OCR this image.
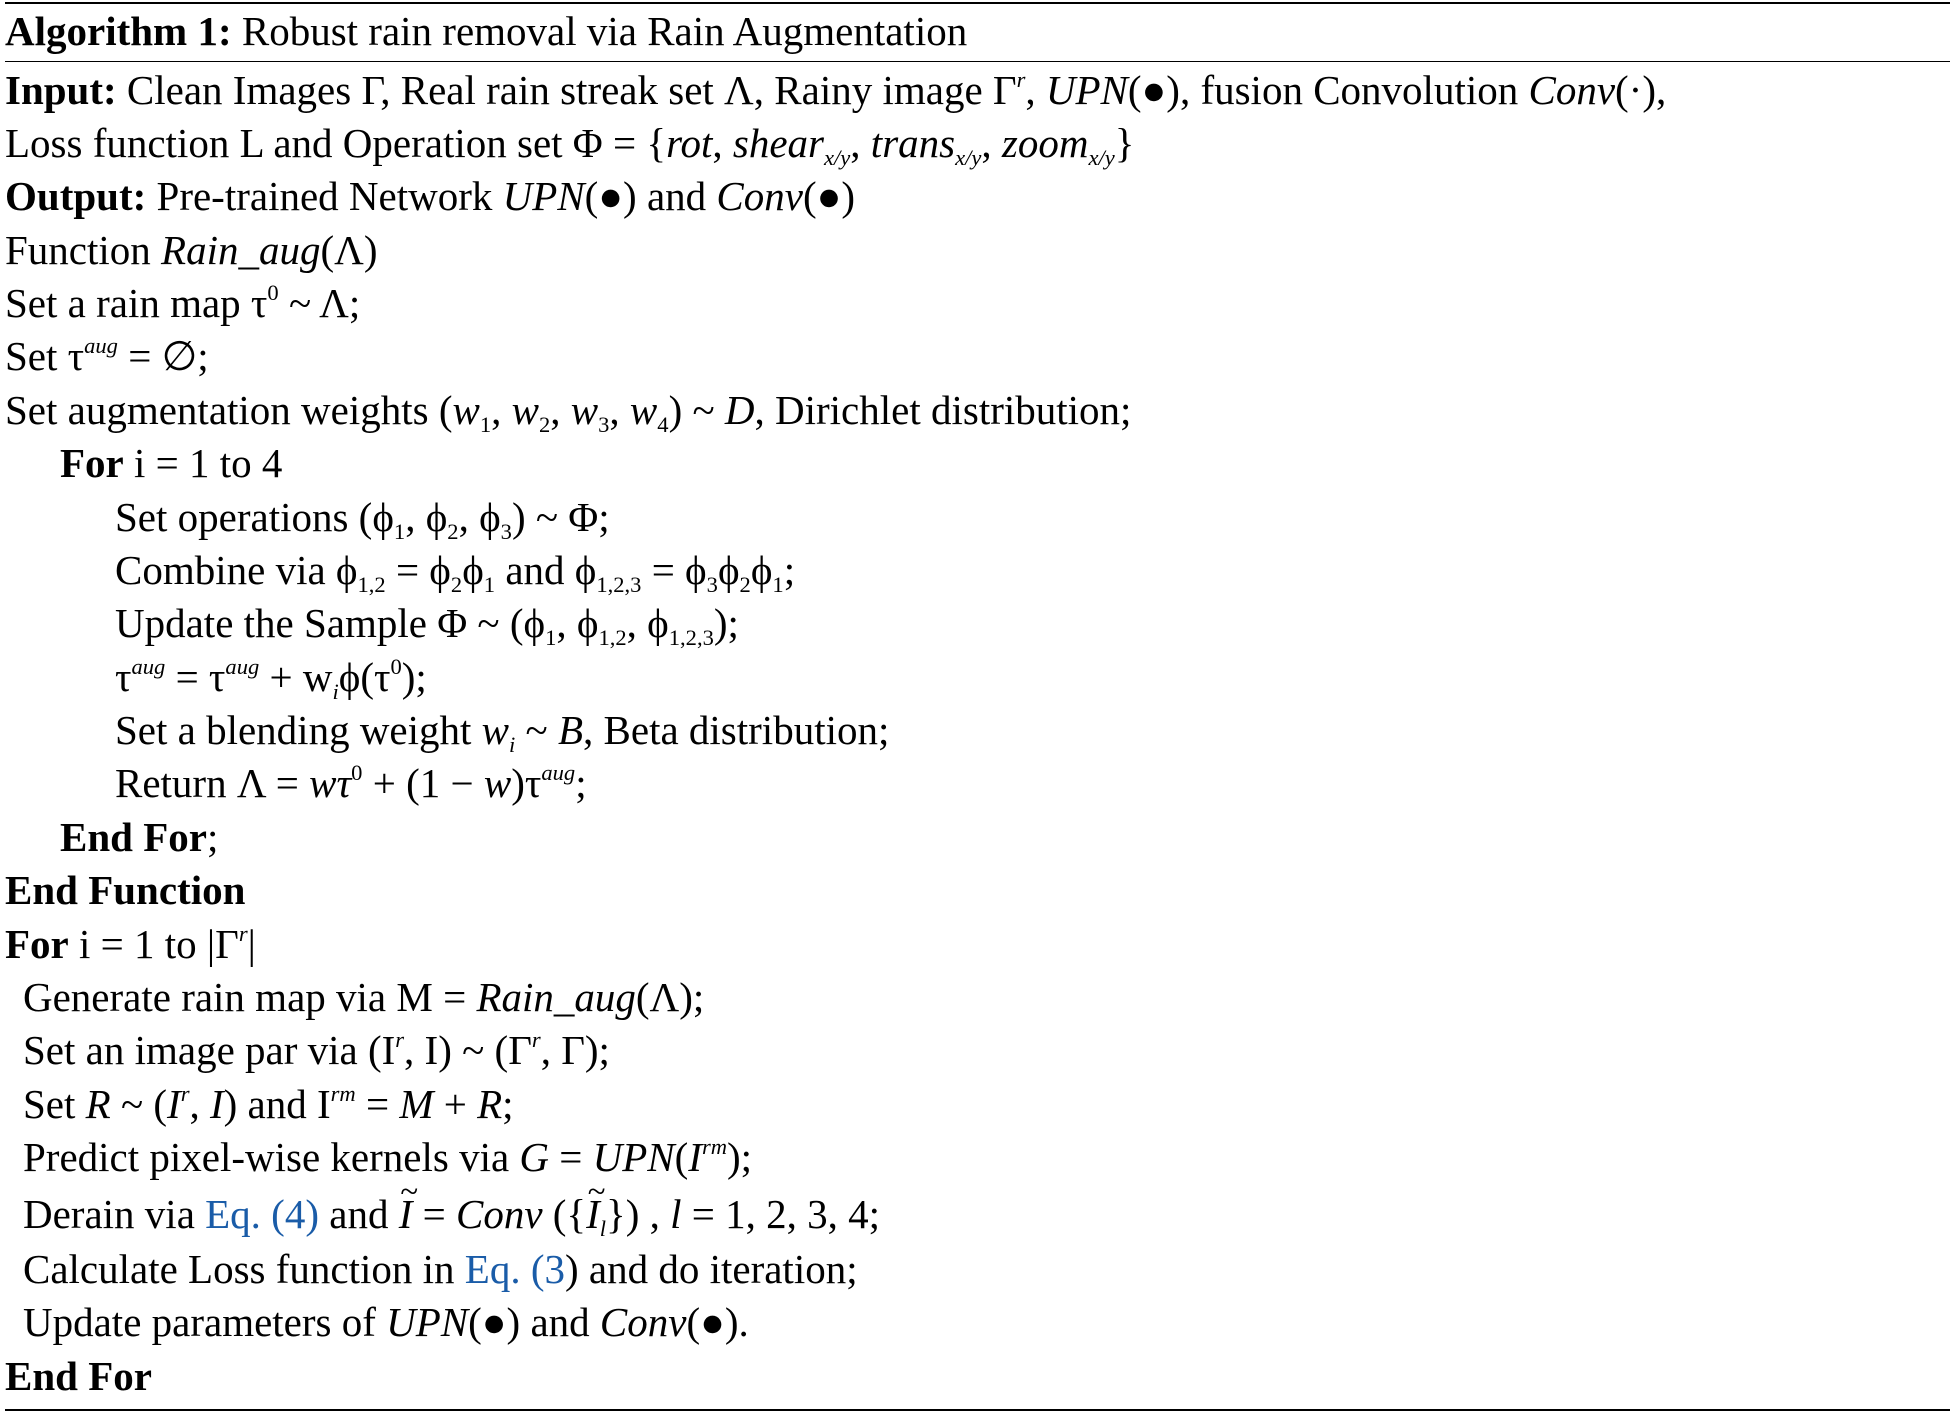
Algorithm 1: Robust rain removal via Rain Augmentation
Input: Clean Images Γ, Real rain streak set Λ, Rainy image $\Gamma^r$, UPN(●), fusion Convolution Conv(·),
Loss function L and Operation set Φ = {rot, shear$_{x/y}$, trans$_{x/y}$, zoom$_{x/y}$}
Output: Pre-trained Network UPN(●) and Conv(●)
Function Rain_aug(Λ)
Set a rain map $\tau^0$ ~ Λ;
Set $\tau^{aug}$ = ∅;
Set augmentation weights ($w_1$, $w_2$, $w_3$, $w_4$) ~ D, Dirichlet distribution;
For i = 1 to 4
Set operations ($\phi_1$, $\phi_2$, $\phi_3$) ~ Φ;
Combine via $\phi_{1,2} = \phi_2\phi_1$ and $\phi_{1,2,3} = \phi_3\phi_2\phi_1$;
Update the Sample Φ ~ ($\phi_1$, $\phi_{1,2}$, $\phi_{1,2,3}$);
$\tau^{aug} = \tau^{aug} + w_i\phi(\tau^0)$;
Set a blending weight $w_i$ ~ B, Beta distribution;
Return $\Lambda = w\tau^0 + (1 - w)\tau^{aug}$;
End For;
End Function
For i = 1 to $|\Gamma^r|$
Generate rain map via M = Rain_aug(Λ);
Set an image par via ($I^r$, I) ~ ($\Gamma^r$, Γ);
Set R ~ ($I^r$, I) and $I^{rm} = M + R$;
Predict pixel-wise kernels via $G = UPN(I^{rm})$;
Derain via Eq. (4) and ~ I = Conv ({~ $I_l$}) , l = 1, 2, 3, 4;
Calculate Loss function in Eq. (3) and do iteration;
Update parameters of UPN(●) and Conv(●).
End For
